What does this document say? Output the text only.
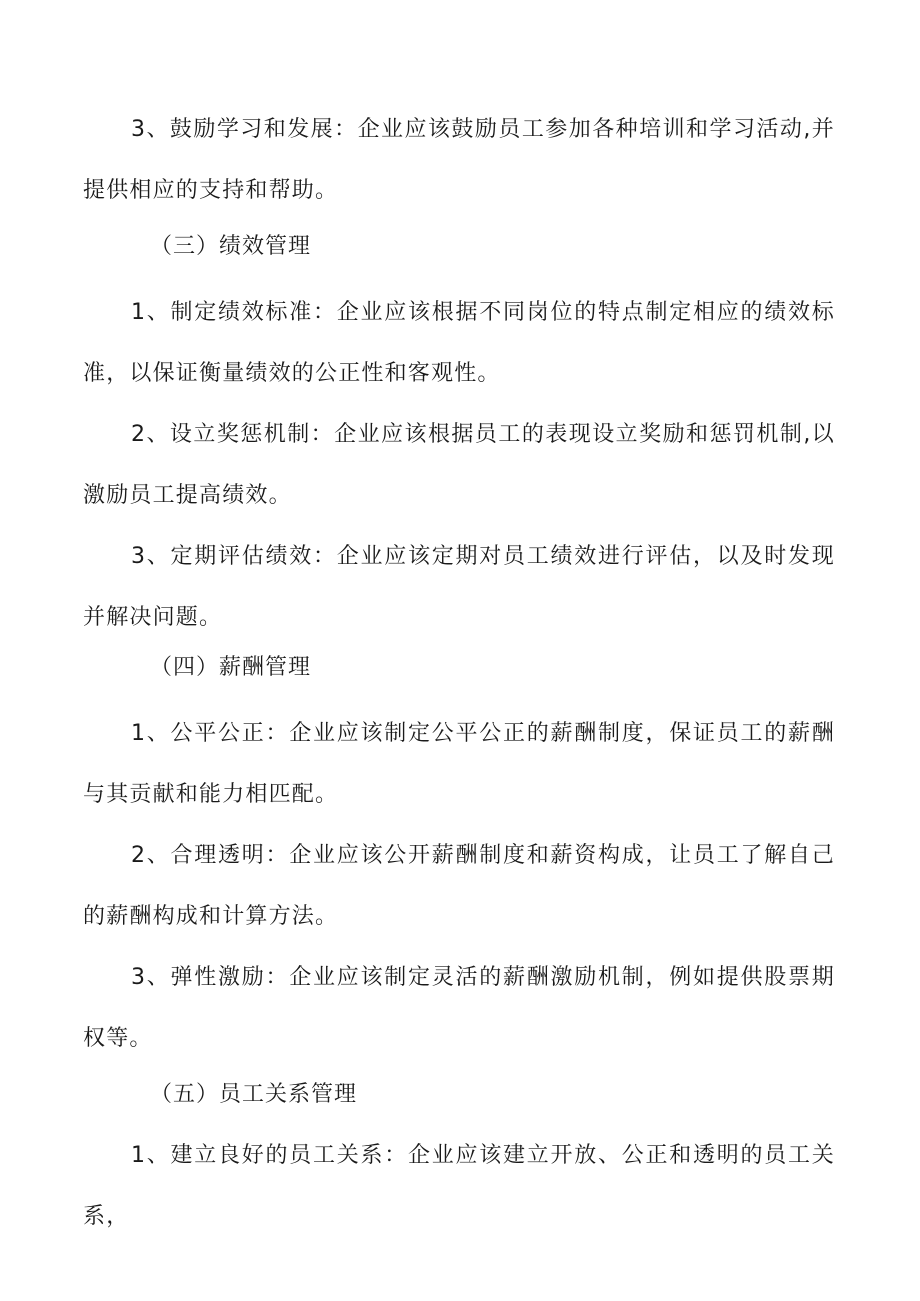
3、鼓励学习和发展：企业应该鼓励员工参加各种培训和学习活动,并提供相应的支持和帮助。

（三）绩效管理

1、制定绩效标准：企业应该根据不同岗位的特点制定相应的绩效标准，以保证衡量绩效的公正性和客观性。

2、设立奖惩机制：企业应该根据员工的表现设立奖励和惩罚机制,以激励员工提高绩效。

3、定期评估绩效：企业应该定期对员工绩效进行评估，以及时发现并解决问题。

（四）薪酬管理

1、公平公正：企业应该制定公平公正的薪酬制度，保证员工的薪酬与其贡献和能力相匹配。

2、合理透明：企业应该公开薪酬制度和薪资构成，让员工了解自己的薪酬构成和计算方法。

3、弹性激励：企业应该制定灵活的薪酬激励机制，例如提供股票期权等。

（五）员工关系管理

1、建立良好的员工关系：企业应该建立开放、公正和透明的员工关系，
